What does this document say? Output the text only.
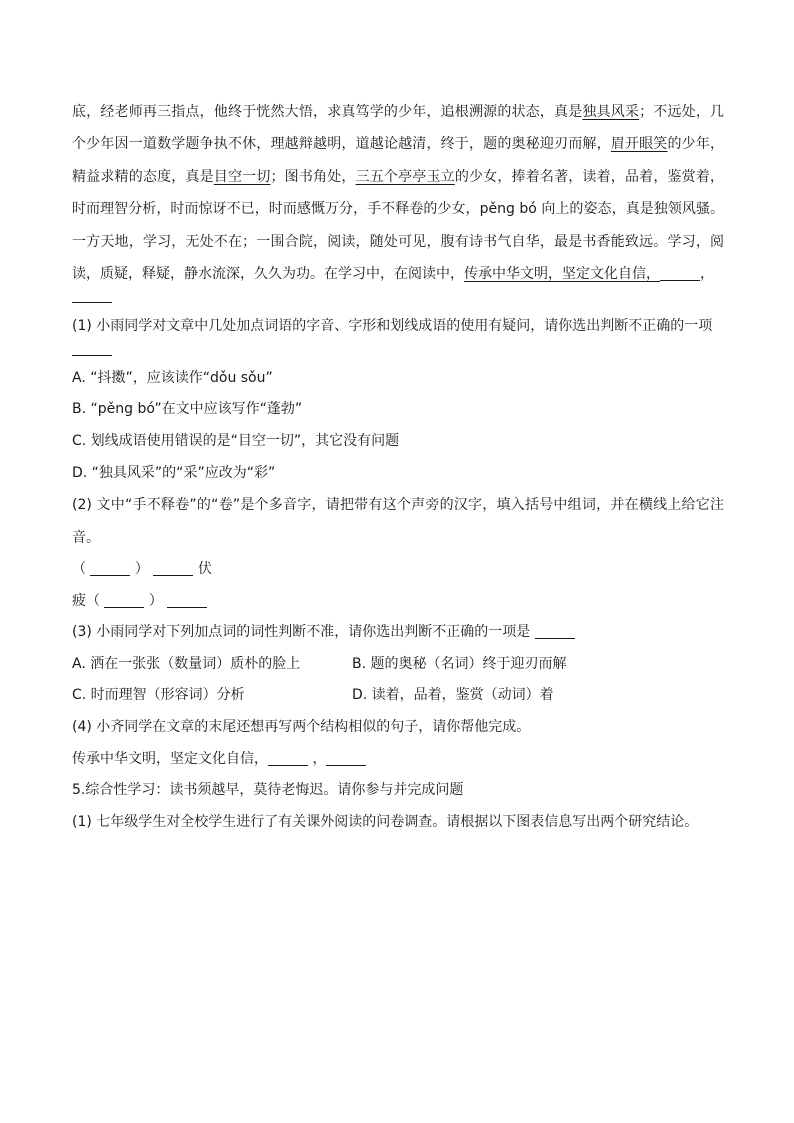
底，经老师再三指点，他终于恍然大悟，求真笃学的少年，追根溯源的状态，真是独具风采；不远处，几个少年因一道数学题争执不休，理越辩越明，道越论越清，终于，题的奥秘迎刃而解，眉开眼笑的少年，精益求精的态度，真是目空一切；图书角处，三五个亭亭玉立的少女，捧着名著，读着，品着，鉴赏着，时而理智分析，时而惊讶不已，时而感慨万分，手不释卷的少女，pěng bó 向上的姿态，真是独领风骚。一方天地，学习，无处不在；一围合院，阅读，随处可见，腹有诗书气自华，最是书香能致远。学习，阅读，质疑，释疑，静水流深，久久为功。在学习中，在阅读中，传承中华文明，坚定文化自信，	，

(1) 小雨同学对文章中几处加点词语的字音、字形和划线成语的使用有疑问，请你选出判断不正确的一项

A. “抖擞”，应该读作“dǒu sǒu”

B. “pěng bó”在文中应该写作“蓬勃”

C. 划线成语使用错误的是“目空一切”，其它没有问题

D. “独具风采”的“采”应改为“彩”

(2) 文中“手不释卷”的“卷”是个多音字，请把带有这个声旁的汉字，填入括号中组词，并在横线上给它注音。

（	）	伏

疲（	）

(3) 小雨同学对下列加点词的词性判断不准，请你选出判断不正确的一项是

A. 洒在一张张（数量词）质朴的脸上	B. 题的奥秘（名词）终于迎刃而解
C. 时而理智（形容词）分析	D. 读着，品着，鉴赏（动词）着

(4) 小齐同学在文章的末尾还想再写两个结构相似的句子，请你帮他完成。

传承中华文明，坚定文化自信，	，

5.综合性学习：读书须越早，莫待老悔迟。请你参与并完成问题

(1) 七年级学生对全校学生进行了有关课外阅读的问卷调查。请根据以下图表信息写出两个研究结论。
